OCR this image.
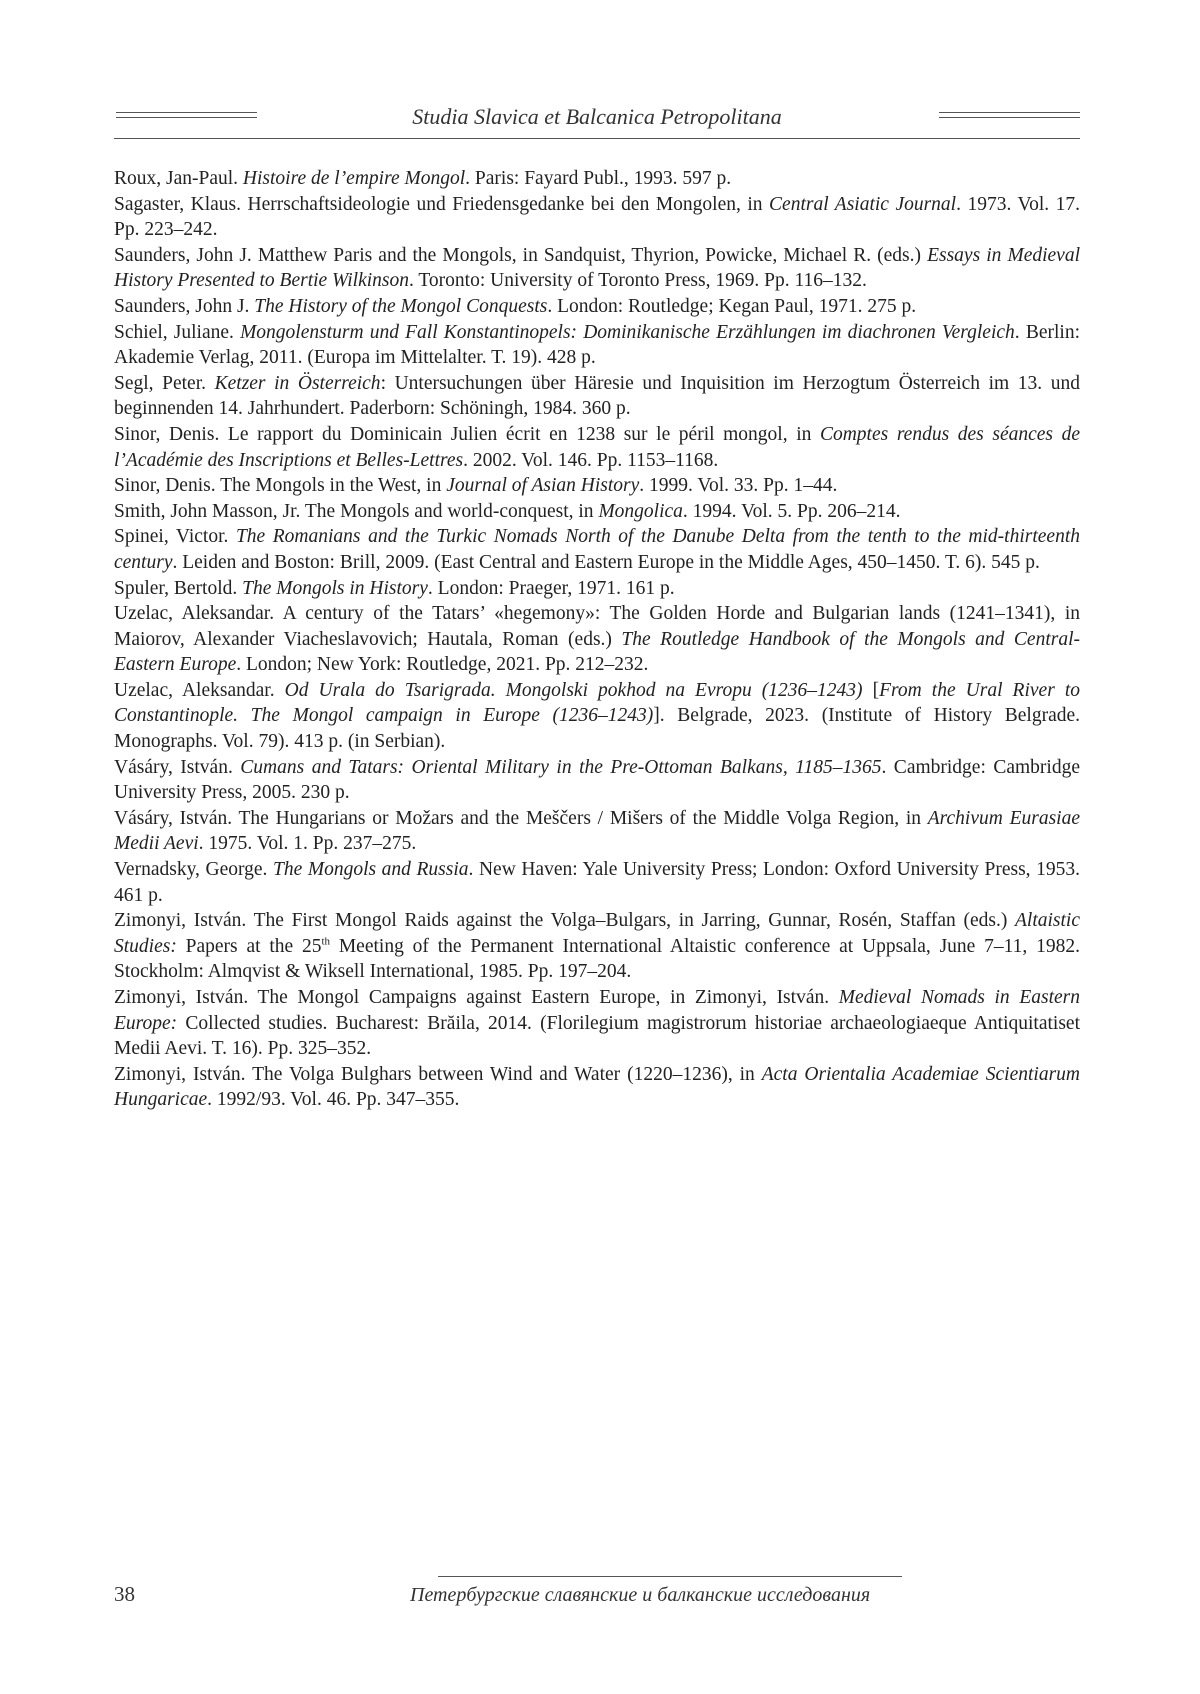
Studia Slavica et Balcanica Petropolitana

Roux, Jan-Paul. Histoire de l’empire Mongol. Paris: Fayard Publ., 1993. 597 p.

Sagaster, Klaus. Herrschaftsideologie und Friedensgedanke bei den Mongolen, in Central Asiatic Journal. 1973. Vol. 17. Pp. 223–242.

Saunders, John J. Matthew Paris and the Mongols, in Sandquist, Thyrion, Powicke, Michael R. (eds.) Essays in Medieval History Presented to Bertie Wilkinson. Toronto: University of Toronto Press, 1969. Pp. 116–132.

Saunders, John J. The History of the Mongol Conquests. London: Routledge; Kegan Paul, 1971. 275 p.

Schiel, Juliane. Mongolensturm und Fall Konstantinopels: Dominikanische Erzählungen im diachronen Vergleich. Berlin: Akademie Verlag, 2011. (Europa im Mittelalter. T. 19). 428 p.

Segl, Peter. Ketzer in Österreich: Untersuchungen über Häresie und Inquisition im Herzogtum Österreich im 13. und beginnenden 14. Jahrhundert. Paderborn: Schöningh, 1984. 360 p.

Sinor, Denis. Le rapport du Dominicain Julien écrit en 1238 sur le péril mongol, in Comptes rendus des séances de l’Académie des Inscriptions et Belles-Lettres. 2002. Vol. 146. Pp. 1153–1168.

Sinor, Denis. The Mongols in the West, in Journal of Asian History. 1999. Vol. 33. Pp. 1–44.

Smith, John Masson, Jr. The Mongols and world-conquest, in Mongolica. 1994. Vol. 5. Pp. 206–214.

Spinei, Victor. The Romanians and the Turkic Nomads North of the Danube Delta from the tenth to the mid-thirteenth century. Leiden and Boston: Brill, 2009. (East Central and Eastern Europe in the Middle Ages, 450–1450. T. 6). 545 p.

Spuler, Bertold. The Mongols in History. London: Praeger, 1971. 161 p.

Uzelac, Aleksandar. A century of the Tatars’ «hegemony»: The Golden Horde and Bulgarian lands (1241–1341), in Maiorov, Alexander Viacheslavovich; Hautala, Roman (eds.) The Routledge Handbook of the Mongols and Central-Eastern Europe. London; New York: Routledge, 2021. Pp. 212–232.

Uzelac, Aleksandar. Od Urala do Tsarigrada. Mongolski pokhod na Evropu (1236–1243) [From the Ural River to Constantinople. The Mongol campaign in Europe (1236–1243)]. Belgrade, 2023. (Institute of History Belgrade. Monographs. Vol. 79). 413 p. (in Serbian).

Vásáry, István. Cumans and Tatars: Oriental Military in the Pre-Ottoman Balkans, 1185–1365. Cambridge: Cambridge University Press, 2005. 230 p.

Vásáry, István. The Hungarians or Možars and the Meščers / Mišers of the Middle Volga Region, in Archivum Eurasiae Medii Aevi. 1975. Vol. 1. Pp. 237–275.

Vernadsky, George. The Mongols and Russia. New Haven: Yale University Press; London: Oxford University Press, 1953. 461 p.

Zimonyi, István. The First Mongol Raids against the Volga–Bulgars, in Jarring, Gunnar, Rosén, Staffan (eds.) Altaistic Studies: Papers at the 25th Meeting of the Permanent International Altaistic conference at Uppsala, June 7–11, 1982. Stockholm: Almqvist & Wiksell International, 1985. Pp. 197–204.

Zimonyi, István. The Mongol Campaigns against Eastern Europe, in Zimonyi, István. Medieval Nomads in Eastern Europe: Collected studies. Bucharest: Brăila, 2014. (Florilegium magistrorum historiae archaeologiaeque Antiquitatiset Medii Aevi. T. 16). Pp. 325–352.

Zimonyi, István. The Volga Bulghars between Wind and Water (1220–1236), in Acta Orientalia Academiae Scientiarum Hungaricae. 1992/93. Vol. 46. Pp. 347–355.

38	Петербургские славянские и балканские исследования
